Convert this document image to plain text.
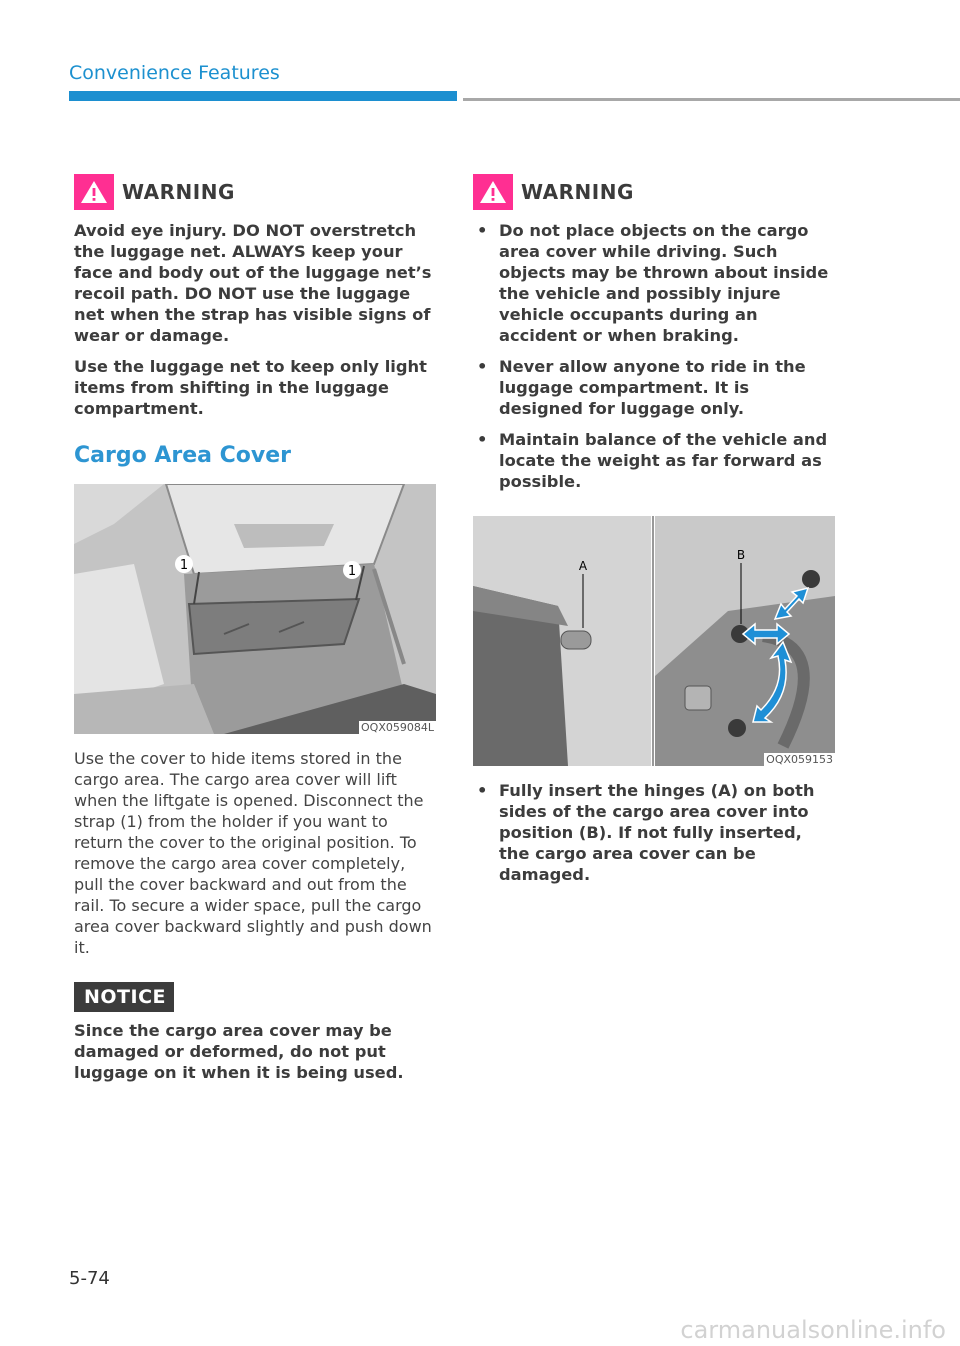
Convenience Features
WARNING

Avoid eye injury. DO NOT overstretch the luggage net. ALWAYS keep your face and body out of the luggage net’s recoil path. DO NOT use the luggage net when the strap has visible signs of wear or damage.

Use the luggage net to keep only light items from shifting in the luggage compartment.

Cargo Area Cover
1	1
OQX059084L

Use the cover to hide items stored in the cargo area. The cargo area cover will lift when the liftgate is opened. Disconnect the strap (1) from the holder if you want to return the cover to the original position. To remove the cargo area cover completely, pull the cover backward and out from the rail. To secure a wider space, pull the cargo area cover backward slightly and push down it.

NOTICE

Since the cargo area cover may be damaged or deformed, do not put luggage on it when it is being used.

WARNING
• Do not place objects on the cargo area cover while driving. Such objects may be thrown about inside the vehicle and possibly injure vehicle occupants during an accident or when braking.
• Never allow anyone to ride in the luggage compartment. It is designed for luggage only.
• Maintain balance of the vehicle and locate the weight as far forward as possible.
A
B
OQX059153
• Fully insert the hinges (A) on both sides of the cargo area cover into position (B). If not fully inserted, the cargo area cover can be damaged.
5-74
carmanualsonline.info
